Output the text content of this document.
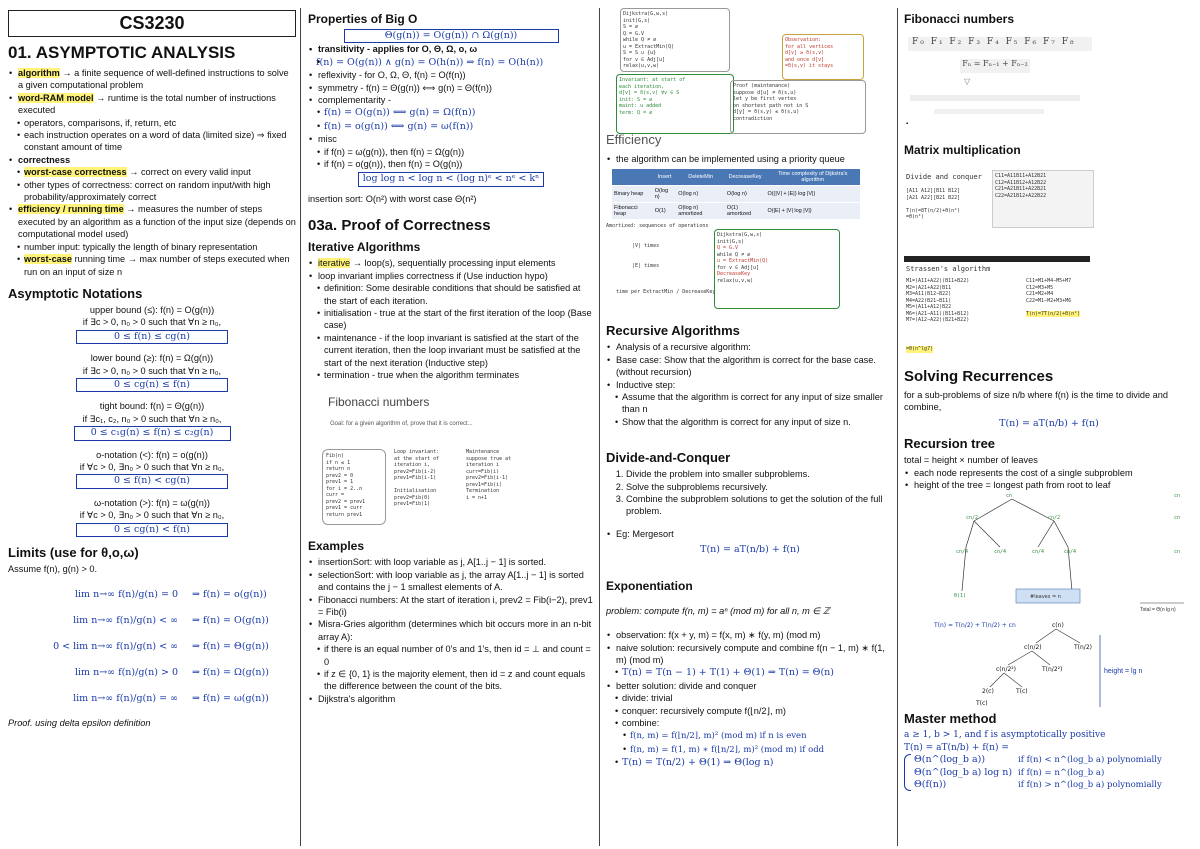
CS3230
01. ASYMPTOTIC ANALYSIS
• algorithm → a finite sequence of well-defined instructions to solve a given computational problem
• word-RAM model → runtime is the total number of instructions executed
• operators, comparisons, if, return, etc
• each instruction operates on a word of data (limited size) ⇒ fixed constant amount of time
• correctness
• worst-case correctness → correct on every valid input
• other types of correctness: correct on random input/with high probability/approximately correct
• efficiency / running time → measures the number of steps executed by an algorithm as a function of the input size (depends on computational model used)
• number input: typically the length of binary representation
• worst-case running time → max number of steps executed when run on an input of size n
Asymptotic Notations
upper bound (≤): f(n) = O(g(n))
if ∃c > 0, n₀ > 0 such that ∀n ≥ n₀,
0 ≤ f(n) ≤ cg(n)
lower bound (≥): f(n) = Ω(g(n))
if ∃c > 0, n₀ > 0 such that ∀n ≥ n₀,
0 ≤ cg(n) ≤ f(n)
tight bound: f(n) = Θ(g(n))
if ∃c₁, c₂, n₀ > 0 such that ∀n ≥ n₀,
0 ≤ c₁g(n) ≤ f(n) ≤ c₂g(n)
o-notation (<): f(n) = o(g(n))
if ∀c > 0, ∃n₀ > 0 such that ∀n ≥ n₀,
0 ≤ f(n) < cg(n)
ω-notation (>): f(n) = ω(g(n))
if ∀c > 0, ∃n₀ > 0 such that ∀n ≥ n₀,
0 ≤ cg(n) < f(n)
Limits (use for θ,o,ω)
Assume f(n), g(n) > 0.
lim n→∞ f(n)/g(n) = 0	⇒ f(n) = o(g(n))
lim n→∞ f(n)/g(n) < ∞	⇒ f(n) = O(g(n))
0 < lim n→∞ f(n)/g(n) < ∞	⇒ f(n) = Θ(g(n))
lim n→∞ f(n)/g(n) > 0	⇒ f(n) = Ω(g(n))
lim n→∞ f(n)/g(n) = ∞	⇒ f(n) = ω(g(n))
Proof. using delta epsilon definition
Properties of Big O
Θ(g(n)) = O(g(n)) ∩ Ω(g(n))
• transitivity - applies for O, Θ, Ω, o, ω
• f(n) = O(g(n)) ∧ g(n) = O(h(n)) ⇒ f(n) = O(h(n))
• reflexivity - for O, Ω, Θ, f(n) = O(f(n))
• symmetry - f(n) = Θ(g(n)) ⟺ g(n) = Θ(f(n))
• complementarity -
• f(n) = O(g(n)) ⟺ g(n) = Ω(f(n))
• f(n) = o(g(n)) ⟺ g(n) = ω(f(n))
• misc
• if f(n) = ω(g(n)), then f(n) = Ω(g(n))
• if f(n) = o(g(n)), then f(n) = O(g(n))
log log n < log n < (log n)ᵉ < nᵉ < kⁿ
insertion sort: O(n²) with worst case Θ(n²)
03a. Proof of Correctness
Iterative Algorithms
• iterative → loop(s), sequentially processing input elements
• loop invariant implies correctness if (Use induction hypo)
• definition: Some desirable conditions that should be satisfied at the start of each iteration.
• initialisation - true at the start of the first iteration of the loop (Base case)
• maintenance - if the loop invariant is satisfied at the start of the current iteration, then the loop invariant must be satisfied at the start of the next iteration (Inductive step)
• termination - true when the algorithm terminates
Fibonacci numbers
Goal: for a given algorithm of, prove that it is correct...
Fib(n)
if n ≤ 1
return n
prev2 = 0
prev1 = 1
for i = 2..n
curr =
prev2 = prev1
prev1 = curr
return prev1
Loop invariant:
at the start of
iteration i,
prev2=Fib(i-2)
prev1=Fib(i-1)

Initialisation
prev2=Fib(0)
prev1=Fib(1)
Maintenance
suppose true at
iteration i
curr=Fib(i)
prev2=Fib(i-1)
prev1=Fib(i)
Termination
i = n+1
Examples
• insertionSort: with loop variable as j, A[1..j − 1] is sorted.
• selectionSort: with loop variable as j, the array A[1..j − 1] is sorted and contains the j − 1 smallest elements of A.
• Fibonacci numbers: At the start of iteration i, prev2 = Fib(i−2), prev1 = Fib(i)
• Misra-Gries algorithm (determines which bit occurs more in an n-bit array A):
• if there is an equal number of 0's and 1's, then id = ⊥ and count = 0
• if z ∈ {0, 1} is the majority element, then id = z and count equals the difference between the count of the bits.
• Dijkstra's algorithm
Dijkstra(G,w,s)
init(G,s)
S = ∅
Q = G.V
while Q ≠ ∅
u = ExtractMin(Q)
S = S ∪ {u}
for v ∈ Adj[u]
relax(u,v,w)
Observation:
for all vertices
d[v] ≥ δ(s,v)
and once d[v]
=δ(s,v) it stays
Invariant: at start of
each iteration,
d[v] = δ(s,v) ∀v ∈ S
init: S = ∅
maint: u added
term: Q = ∅
Proof (maintenance)
suppose d[u] ≠ δ(s,u)
let y be first vertex
on shortest path not in S
d[y] = δ(s,y) ≤ δ(s,u)
contradiction
Efficiency
• the algorithm can be implemented using a priority queue
	Insert	DeleteMin	DecreaseKey	Time complexity of Dijkstra's algorithm
Binary heap	O(log n)	O(log n)	O(log n)	O((|V| + |E|) log |V|)
Fibonacci heap	O(1)	O(log n) amortized	O(1) amortized	O(|E| + |V| log |V|)
Amortized: sequences of operations
|V| times
|E| times
time per ExtractMin / DecreaseKey
Dijkstra(G,w,s)
init(G,s)
Q = G.V
while Q ≠ ∅
u = ExtractMin(Q)
for v ∈ Adj[u]
DecreaseKey
relax(u,v,w)
Recursive Algorithms
• Analysis of a recursive algorithm:
• Base case: Show that the algorithm is correct for the base case. (without recursion)
• Inductive step:
• Assume that the algorithm is correct for any input of size smaller than n
• Show that the algorithm is correct for any input of size n.
Divide-and-Conquer
1. Divide the problem into smaller subproblems.
2. Solve the subproblems recursively.
3. Combine the subproblem solutions to get the solution of the full problem.
• Eg: Mergesort
T(n) = aT(n/b) + f(n)
Exponentiation
problem: compute f(n, m) = aⁿ (mod m) for all n, m ∈ ℤ
• observation: f(x + y, m) = f(x, m) ∗ f(y, m) (mod m)
• naive solution: recursively compute and combine f(n − 1, m) ∗ f(1, m) (mod m)
• T(n) = T(n − 1) + T(1) + Θ(1) ⇒ T(n) = Θ(n)
• better solution: divide and conquer
• divide: trivial
• conquer: recursively compute f(⌊n/2⌋, m)
• combine:
• f(n, m) = f(⌊n/2⌋, m)² (mod m) if n is even
• f(n, m) = f(1, m) ∗ f(⌊n/2⌋, m)² (mod m) if odd
• T(n) = T(n/2) + Θ(1) ⇒ Θ(log n)
Fibonacci numbers
F₀ F₁ F₂ F₃ F₄ F₅ F₆ F₇ F₈
Fₙ = Fₙ₋₁ + Fₙ₋₂
▽
▪
Matrix multiplication
Divide and conquer	C11=A11B11+A12B21
C12=A11B12+A12B22
C21=A21B11+A22B21
C22=A21B12+A22B22
[A11 A12][B11 B12]
[A21 A22][B21 B22]

T(n)=8T(n/2)+Θ(n²)
=Θ(n³)
Strassen's algorithm
M1=(A11+A22)(B11+B22)
M2=(A21+A22)B11
M3=A11(B12−B22)
M4=A22(B21−B11)
M5=(A11+A12)B22
M6=(A21−A11)(B11+B12)
M7=(A12−A22)(B21+B22)
C11=M1+M4−M5+M7
C12=M3+M5
C21=M2+M4
C22=M1−M2+M3+M6

T(n)=7T(n/2)+Θ(n²)
=Θ(n^lg7)
Solving Recurrences
for a sub-problems of size n/b where f(n) is the time to divide and combine,
T(n) = aT(n/b) + f(n)
Recursion tree
total = height × number of leaves
• each node represents the cost of a single subproblem
• height of the tree = longest path from root to leaf
cn
cn/2	cn/2
cn/4	cn/4	cn/4	cn/4
Θ(1)
cn
cn
cn
#leaves = n
Total = Θ(n lg n)
T(n) = T(n/2) + T(n/2) + cn	c(n)
c(n/2)	T(n/2)
c(n/2²)	T(n/2²)
2(c)	T(c)
T(c)
height = lg n
Master method
a ≥ 1, b > 1, and f is asymptotically positive
T(n) = aT(n/b) + f(n) =
Θ(n^(log_b a))	if f(n) < n^(log_b a) polynomially
Θ(n^(log_b a) log n) if f(n) = n^(log_b a)
Θ(f(n))	if f(n) > n^(log_b a) polynomially
